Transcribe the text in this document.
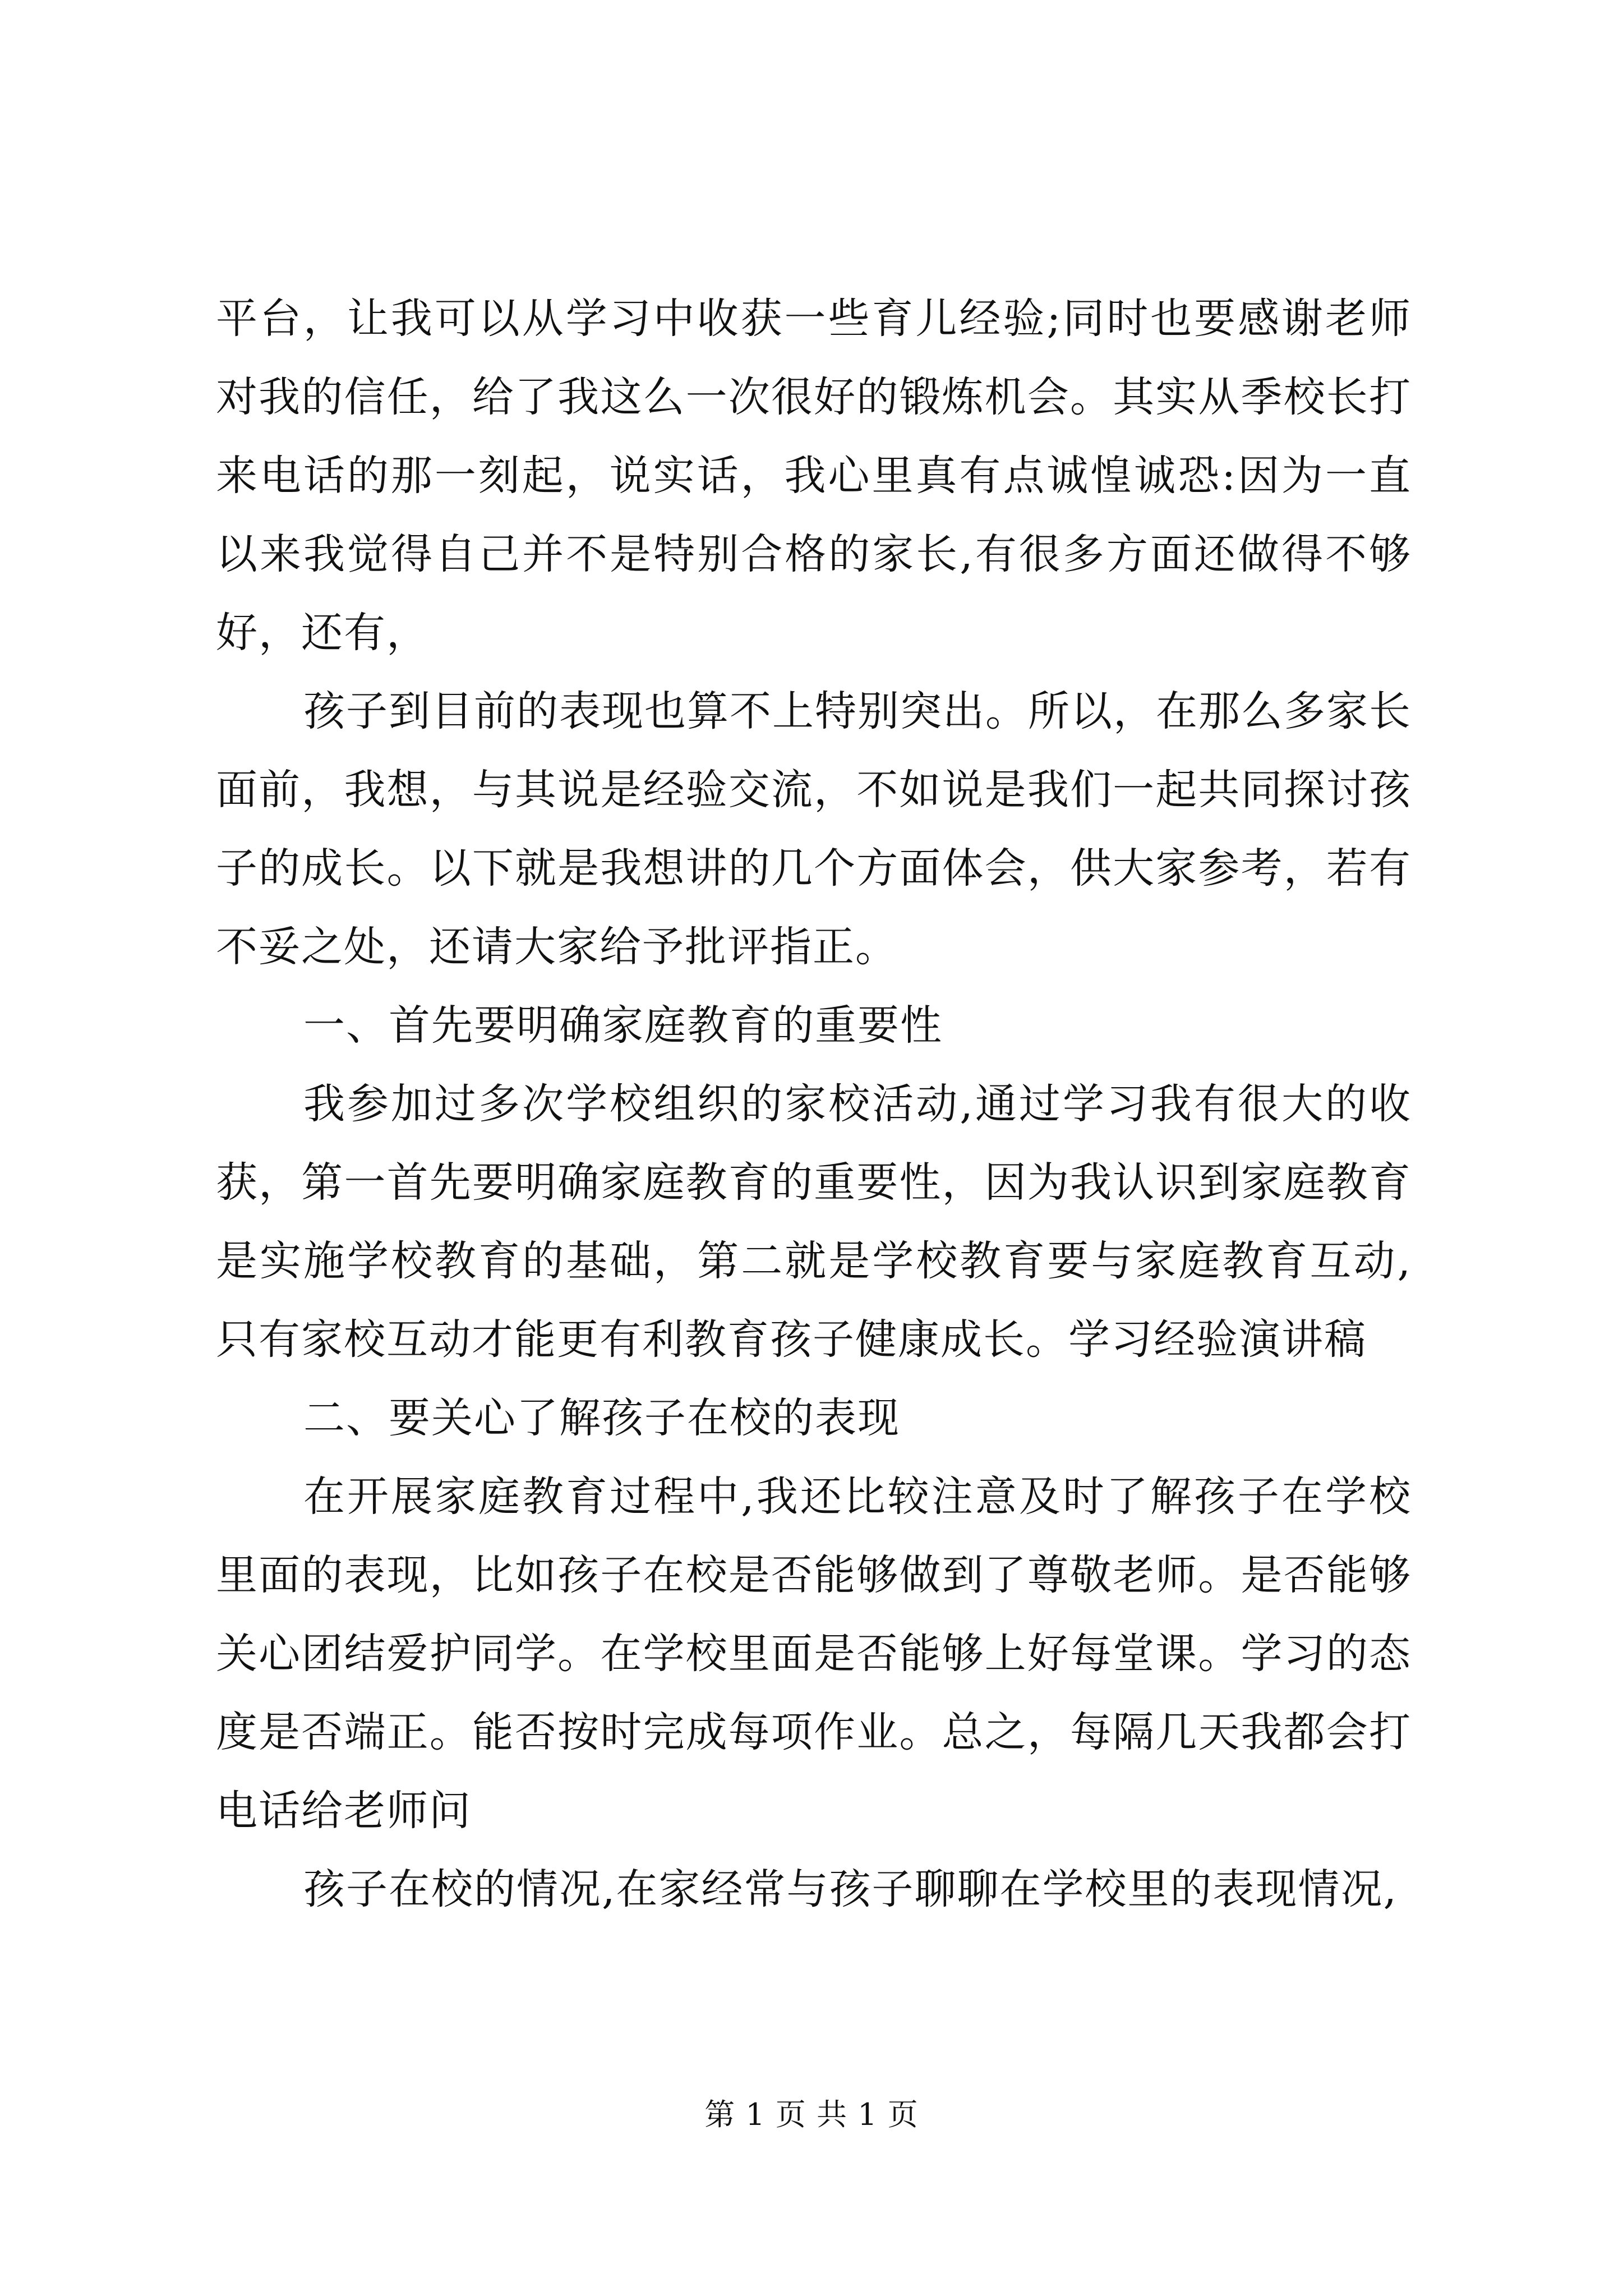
平台，让我可以从学习中收获一些育儿经验;同时也要感谢老师对我的信任，给了我这么一次很好的锻炼机会。其实从季校长打来电话的那一刻起，说实话，我心里真有点诚惶诚恐:因为一直以来我觉得自己并不是特别合格的家长,有很多方面还做得不够好，还有，

孩子到目前的表现也算不上特别突出。所以，在那么多家长面前，我想，与其说是经验交流，不如说是我们一起共同探讨孩子的成长。以下就是我想讲的几个方面体会，供大家参考，若有不妥之处，还请大家给予批评指正。

一、首先要明确家庭教育的重要性

我参加过多次学校组织的家校活动,通过学习我有很大的收获，第一首先要明确家庭教育的重要性，因为我认识到家庭教育是实施学校教育的基础，第二就是学校教育要与家庭教育互动,只有家校互动才能更有利教育孩子健康成长。学习经验演讲稿

二、要关心了解孩子在校的表现

在开展家庭教育过程中,我还比较注意及时了解孩子在学校里面的表现，比如孩子在校是否能够做到了尊敬老师。是否能够关心团结爱护同学。在学校里面是否能够上好每堂课。学习的态度是否端正。能否按时完成每项作业。总之，每隔几天我都会打电话给老师问

孩子在校的情况,在家经常与孩子聊聊在学校里的表现情况,

第 1 页 共 1 页
